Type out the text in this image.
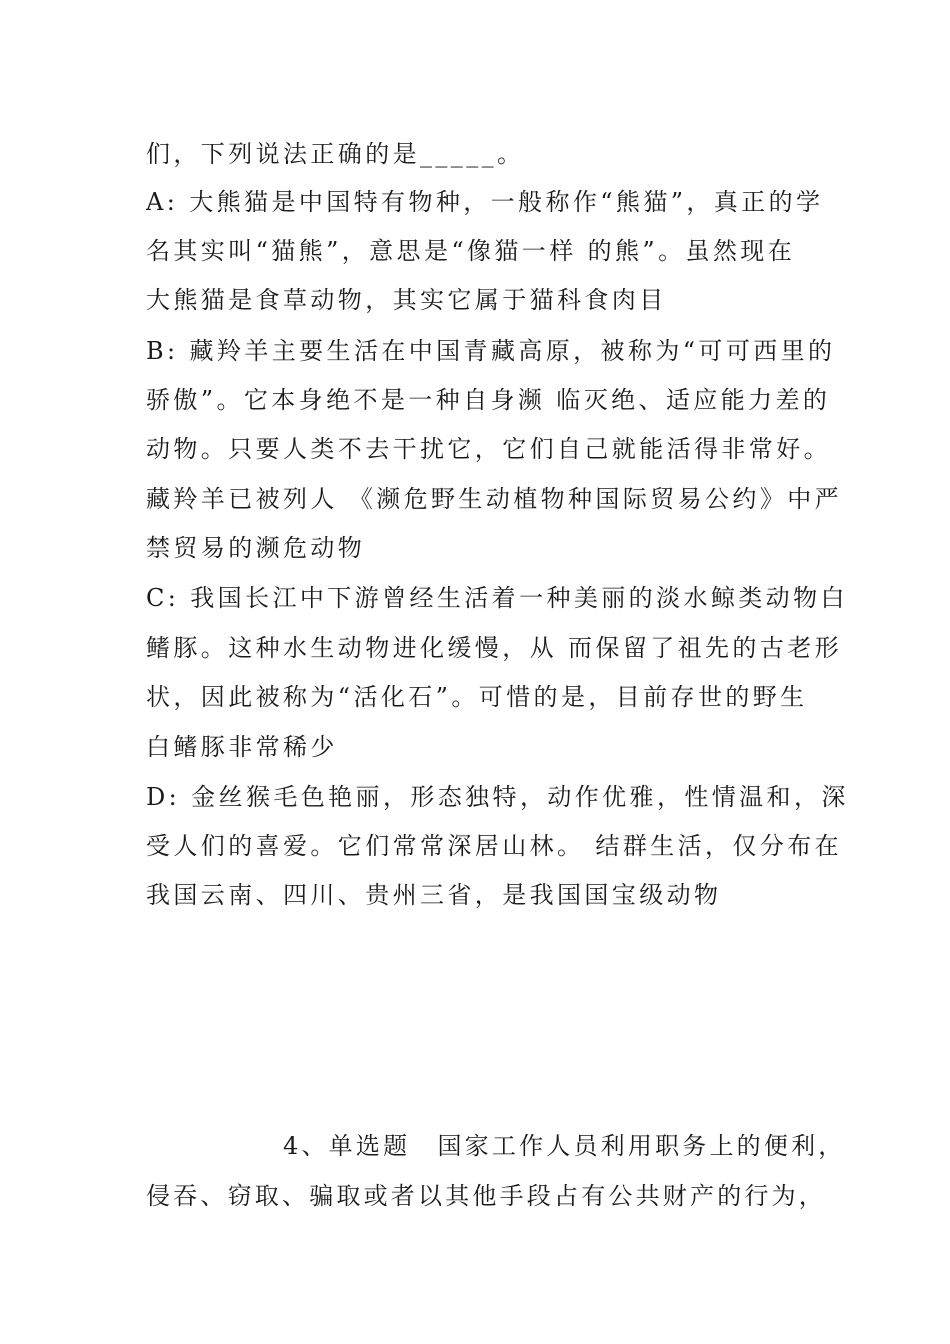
们，下列说法正确的是_____。
A: 大熊猫是中国特有物种，一般称作“熊猫”，真正的学
名其实叫“猫熊”，意思是“像猫一样 的熊”。虽然现在
大熊猫是食草动物，其实它属于猫科食肉目
B: 藏羚羊主要生活在中国青藏高原，被称为“可可西里的
骄傲”。它本身绝不是一种自身濒 临灭绝、适应能力差的
动物。只要人类不去干扰它，它们自己就能活得非常好。
藏羚羊已被列人 《濒危野生动植物种国际贸易公约》中严
禁贸易的濒危动物
C: 我国长江中下游曾经生活着一种美丽的淡水鲸类动物白
鳍豚。这种水生动物进化缓慢，从 而保留了祖先的古老形
状，因此被称为“活化石”。可惜的是，目前存世的野生
白鳍豚非常稀少
D: 金丝猴毛色艳丽，形态独特，动作优雅，性情温和，深
受人们的喜爱。它们常常深居山林。 结群生活，仅分布在
我国云南、四川、贵州三省，是我国国宝级动物
4、单选题　国家工作人员利用职务上的便利，
侵吞、窃取、骗取或者以其他手段占有公共财产的行为，
